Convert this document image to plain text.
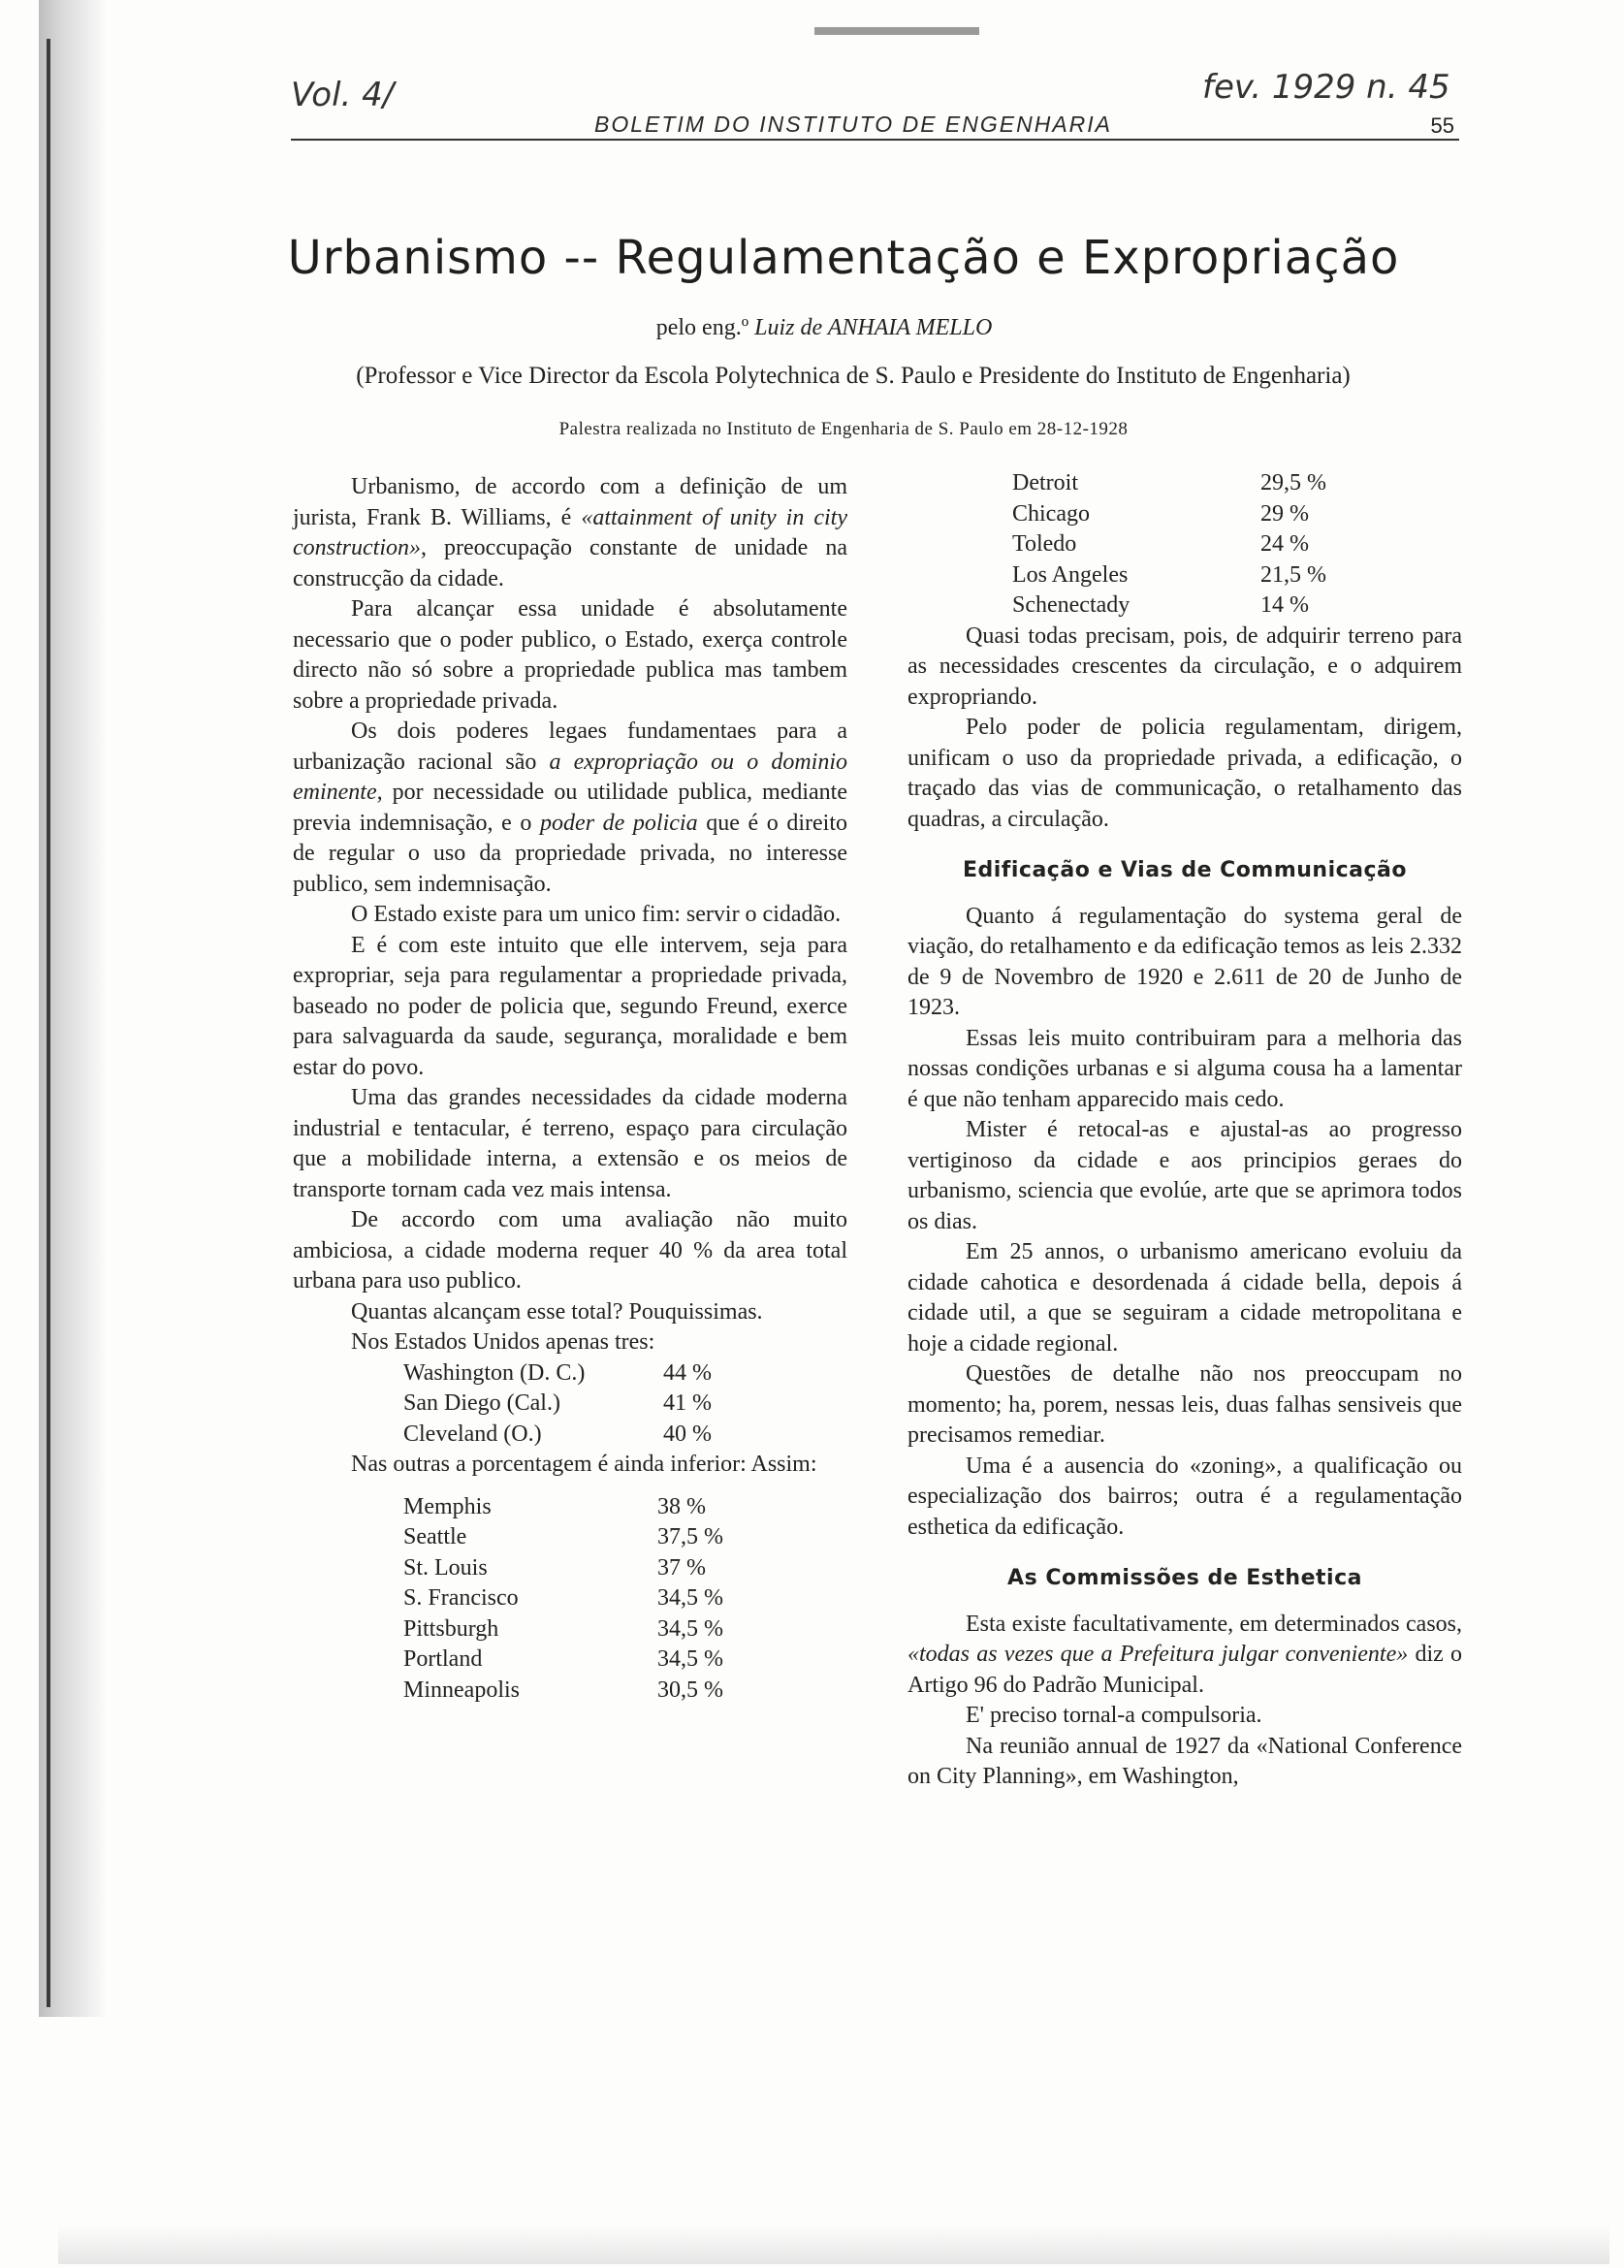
Vol. 4/	fev. 1929 n. 45
BOLETIM DO INSTITUTO DE ENGENHARIA	55
Urbanismo -- Regulamentação e Expropriação
pelo eng.º Luiz de ANHAIA MELLO
(Professor e Vice Director da Escola Polytechnica de S. Paulo e Presidente do Instituto de Engenharia)
Palestra realizada no Instituto de Engenharia de S. Paulo em 28-12-1928

Urbanismo, de accordo com a definição de um jurista, Frank B. Williams, é «attainment of unity in city construction», preoccupação constante de unidade na construcção da cidade.

Para alcançar essa unidade é absolutamente necessario que o poder publico, o Estado, exerça controle directo não só sobre a propriedade publica mas tambem sobre a propriedade privada.

Os dois poderes legaes fundamentaes para a urbanização racional são a expropriação ou o dominio eminente, por necessidade ou utilidade publica, mediante previa indemnisação, e o poder de policia que é o direito de regular o uso da propriedade privada, no interesse publico, sem indemnisação.

O Estado existe para um unico fim: servir o cidadão.

E é com este intuito que elle intervem, seja para expropriar, seja para regulamentar a propriedade privada, baseado no poder de policia que, segundo Freund, exerce para salvaguarda da saude, segurança, moralidade e bem estar do povo.

Uma das grandes necessidades da cidade moderna industrial e tentacular, é terreno, espaço para circulação que a mobilidade interna, a extensão e os meios de transporte tornam cada vez mais intensa.

De accordo com uma avaliação não muito ambiciosa, a cidade moderna requer 40 % da area total urbana para uso publico.

Quantas alcançam esse total? Pouquissimas.

Nos Estados Unidos apenas tres:

Washington (D. C.)	44 %
San Diego (Cal.)	41 %
Cleveland (O.)	40 %

Nas outras a porcentagem é ainda inferior: Assim:

Memphis	38 %
Seattle	37,5 %
St. Louis	37 %
S. Francisco	34,5 %
Pittsburgh	34,5 %
Portland	34,5 %
Minneapolis	30,5 %
Detroit	29,5 %
Chicago	29 %
Toledo	24 %
Los Angeles	21,5 %
Schenectady	14 %

Quasi todas precisam, pois, de adquirir terreno para as necessidades crescentes da circulação, e o adquirem expropriando.

Pelo poder de policia regulamentam, dirigem, unificam o uso da propriedade privada, a edificação, o traçado das vias de communicação, o retalhamento das quadras, a circulação.

Edificação e Vias de Communicação

Quanto á regulamentação do systema geral de viação, do retalhamento e da edificação temos as leis 2.332 de 9 de Novembro de 1920 e 2.611 de 20 de Junho de 1923.

Essas leis muito contribuiram para a melhoria das nossas condições urbanas e si alguma cousa ha a lamentar é que não tenham apparecido mais cedo.

Mister é retocal-as e ajustal-as ao progresso vertiginoso da cidade e aos principios geraes do urbanismo, sciencia que evolúe, arte que se aprimora todos os dias.

Em 25 annos, o urbanismo americano evoluiu da cidade cahotica e desordenada á cidade bella, depois á cidade util, a que se seguiram a cidade metropolitana e hoje a cidade regional.

Questões de detalhe não nos preoccupam no momento; ha, porem, nessas leis, duas falhas sensiveis que precisamos remediar.

Uma é a ausencia do «zoning», a qualificação ou especialização dos bairros; outra é a regulamentação esthetica da edificação.

As Commissões de Esthetica

Esta existe facultativamente, em determinados casos, «todas as vezes que a Prefeitura julgar conveniente» diz o Artigo 96 do Padrão Municipal.

E' preciso tornal-a compulsoria.

Na reunião annual de 1927 da «National Conference on City Planning», em Washington,
